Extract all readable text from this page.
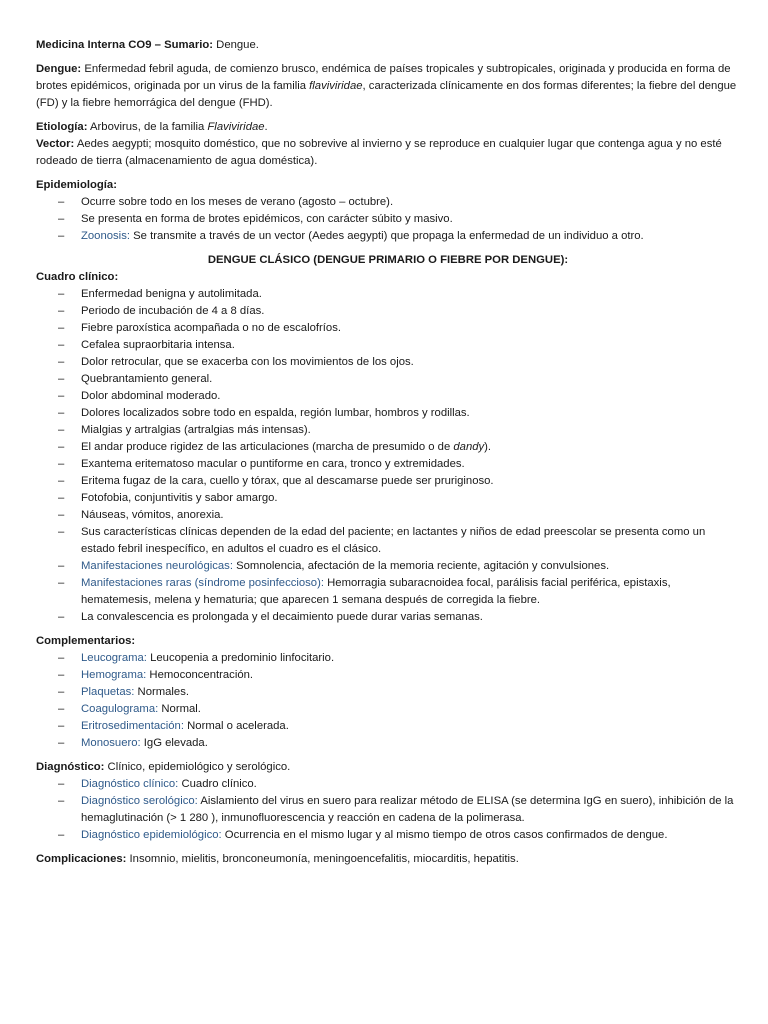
Medicina Interna CO9 – Sumario: Dengue.

Dengue: Enfermedad febril aguda, de comienzo brusco, endémica de países tropicales y subtropicales, originada y producida en forma de brotes epidémicos, originada por un virus de la familia flaviviridae, caracterizada clínicamente en dos formas diferentes; la fiebre del dengue (FD) y la fiebre hemorrágica del dengue (FHD).

Etiología: Arbovirus, de la familia Flaviviridae.

Vector: Aedes aegypti; mosquito doméstico, que no sobrevive al invierno y se reproduce en cualquier lugar que contenga agua y no esté rodeado de tierra (almacenamiento de agua doméstica).

Epidemiología:

– Ocurre sobre todo en los meses de verano (agosto – octubre).
– Se presenta en forma de brotes epidémicos, con carácter súbito y masivo.
– Zoonosis: Se transmite a través de un vector (Aedes aegypti) que propaga la enfermedad de un individuo a otro.

DENGUE CLÁSICO (DENGUE PRIMARIO O FIEBRE POR DENGUE):

Cuadro clínico:

– Enfermedad benigna y autolimitada.
– Periodo de incubación de 4 a 8 días.
– Fiebre paroxística acompañada o no de escalofríos.
– Cefalea supraorbitaria intensa.
– Dolor retrocular, que se exacerba con los movimientos de los ojos.
– Quebrantamiento general.
– Dolor abdominal moderado.
– Dolores localizados sobre todo en espalda, región lumbar, hombros y rodillas.
– Mialgias y artralgias (artralgias más intensas).
– El andar produce rigidez de las articulaciones (marcha de presumido o de dandy).
– Exantema eritematoso macular o puntiforme en cara, tronco y extremidades.
– Eritema fugaz de la cara, cuello y tórax, que al descamarse puede ser pruriginoso.
– Fotofobia, conjuntivitis y sabor amargo.
– Náuseas, vómitos, anorexia.
– Sus características clínicas dependen de la edad del paciente; en lactantes y niños de edad preescolar se presenta como un estado febril inespecífico, en adultos el cuadro es el clásico.
– Manifestaciones neurológicas: Somnolencia, afectación de la memoria reciente, agitación y convulsiones.
– Manifestaciones raras (síndrome posinfeccioso): Hemorragia subaracnoidea focal, parálisis facial periférica, epistaxis, hematemesis, melena y hematuria; que aparecen 1 semana después de corregida la fiebre.
– La convalescencia es prolongada y el decaimiento puede durar varias semanas.

Complementarios:

– Leucograma: Leucopenia a predominio linfocitario.
– Hemograma: Hemoconcentración.
– Plaquetas: Normales.
– Coagulograma: Normal.
– Eritrosedimentación: Normal o acelerada.
– Monosuero: IgG elevada.

Diagnóstico: Clínico, epidemiológico y serológico.

– Diagnóstico clínico: Cuadro clínico.
– Diagnóstico serológico: Aislamiento del virus en suero para realizar método de ELISA (se determina IgG en suero), inhibición de la hemaglutinación (> 1 280 ), inmunofluorescencia y reacción en cadena de la polimerasa.
– Diagnóstico epidemiológico: Ocurrencia en el mismo lugar y al mismo tiempo de otros casos confirmados de dengue.

Complicaciones: Insomnio, mielitis, bronconeumonía, meningoencefalitis, miocarditis, hepatitis.
